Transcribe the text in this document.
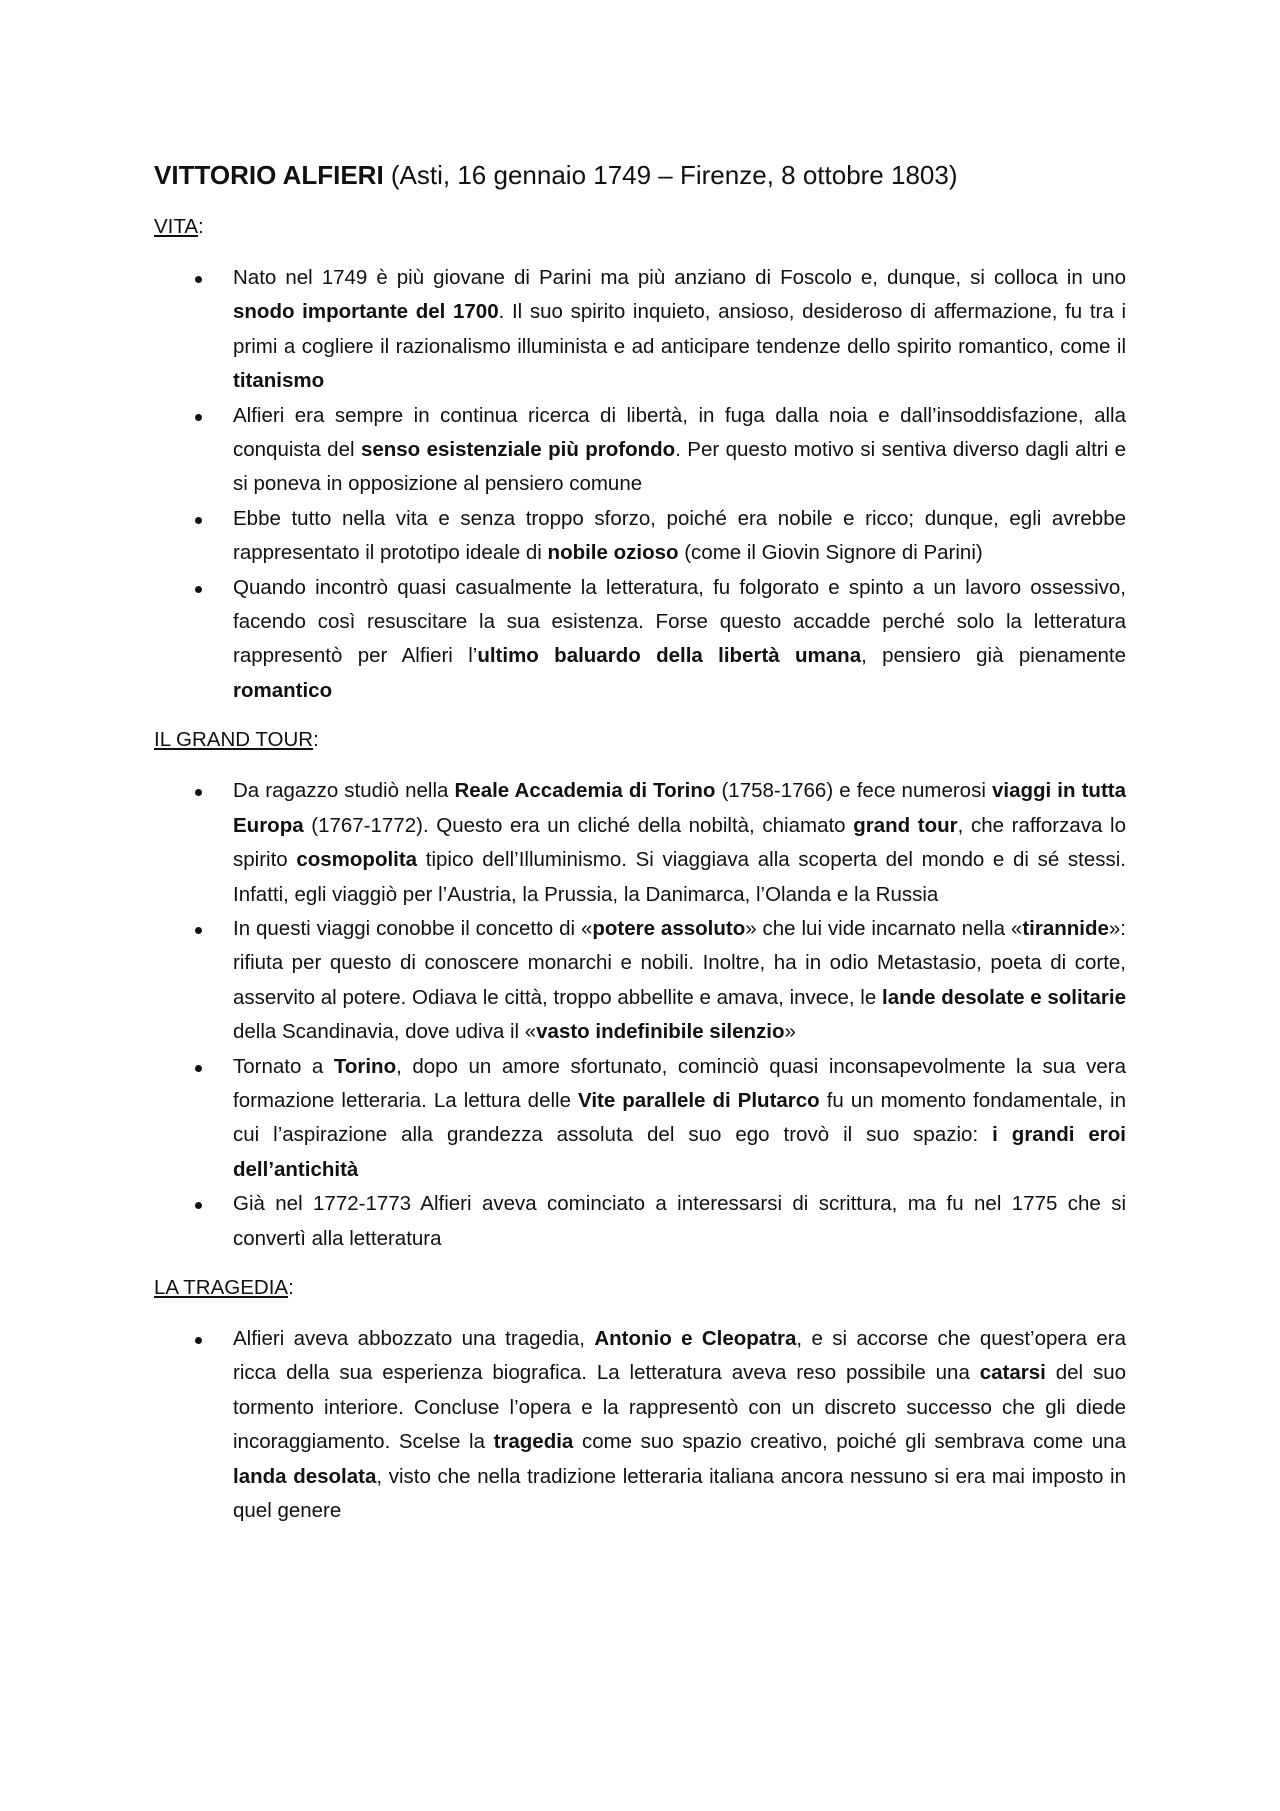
VITTORIO ALFIERI (Asti, 16 gennaio 1749 – Firenze, 8 ottobre 1803)
VITA:
Nato nel 1749 è più giovane di Parini ma più anziano di Foscolo e, dunque, si colloca in uno snodo importante del 1700. Il suo spirito inquieto, ansioso, desideroso di affermazione, fu tra i primi a cogliere il razionalismo illuminista e ad anticipare tendenze dello spirito romantico, come il titanismo
Alfieri era sempre in continua ricerca di libertà, in fuga dalla noia e dall’insoddisfazione, alla conquista del senso esistenziale più profondo. Per questo motivo si sentiva diverso dagli altri e si poneva in opposizione al pensiero comune
Ebbe tutto nella vita e senza troppo sforzo, poiché era nobile e ricco; dunque, egli avrebbe rappresentato il prototipo ideale di nobile ozioso (come il Giovin Signore di Parini)
Quando incontrò quasi casualmente la letteratura, fu folgorato e spinto a un lavoro ossessivo, facendo così resuscitare la sua esistenza. Forse questo accadde perché solo la letteratura rappresentò per Alfieri l’ultimo baluardo della libertà umana, pensiero già pienamente romantico
IL GRAND TOUR:
Da ragazzo studiò nella Reale Accademia di Torino (1758-1766) e fece numerosi viaggi in tutta Europa (1767-1772). Questo era un cliché della nobiltà, chiamato grand tour, che rafforzava lo spirito cosmopolita tipico dell’Illuminismo. Si viaggiava alla scoperta del mondo e di sé stessi. Infatti, egli viaggiò per l’Austria, la Prussia, la Danimarca, l’Olanda e la Russia
In questi viaggi conobbe il concetto di «potere assoluto» che lui vide incarnato nella «tirannide»: rifiuta per questo di conoscere monarchi e nobili. Inoltre, ha in odio Metastasio, poeta di corte, asservito al potere. Odiava le città, troppo abbellite e amava, invece, le lande desolate e solitarie della Scandinavia, dove udiva il «vasto indefinibile silenzio»
Tornato a Torino, dopo un amore sfortunato, cominciò quasi inconsapevolmente la sua vera formazione letteraria. La lettura delle Vite parallele di Plutarco fu un momento fondamentale, in cui l’aspirazione alla grandezza assoluta del suo ego trovò il suo spazio: i grandi eroi dell’antichità
Già nel 1772-1773 Alfieri aveva cominciato a interessarsi di scrittura, ma fu nel 1775 che si convertì alla letteratura
LA TRAGEDIA:
Alfieri aveva abbozzato una tragedia, Antonio e Cleopatra, e si accorse che quest’opera era ricca della sua esperienza biografica. La letteratura aveva reso possibile una catarsi del suo tormento interiore. Concluse l’opera e la rappresentò con un discreto successo che gli diede incoraggiamento. Scelse la tragedia come suo spazio creativo, poiché gli sembrava come una landa desolata, visto che nella tradizione letteraria italiana ancora nessuno si era mai imposto in quel genere
